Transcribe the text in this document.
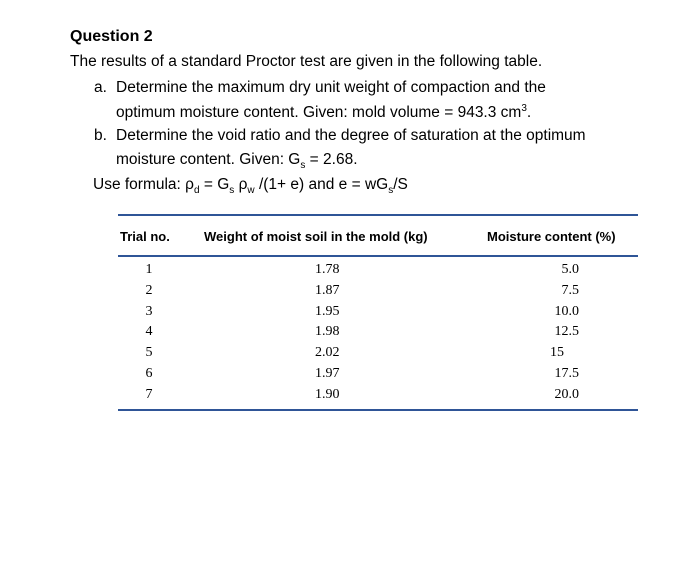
Question 2
The results of a standard Proctor test are given in the following table.
a. Determine the maximum dry unit weight of compaction and the
optimum moisture content. Given: mold volume = 943.3 $cm^3$.
b. Determine the void ratio and the degree of saturation at the optimum
moisture content. Given: $G_s = 2.68$.
Use formula: $\rho_d = G_s$ $\rho_w$ /(1+ e) and $e = wG_s/S$
Trial no.	Weight of moist soil in the mold (kg)	Moisture content (%)
1
2
3
4
5
6
7
1.78
1.87
1.95
1.98
2.02
1.97
1.90
5.0
7.5
10.0
12.5
15
17.5
20.0
